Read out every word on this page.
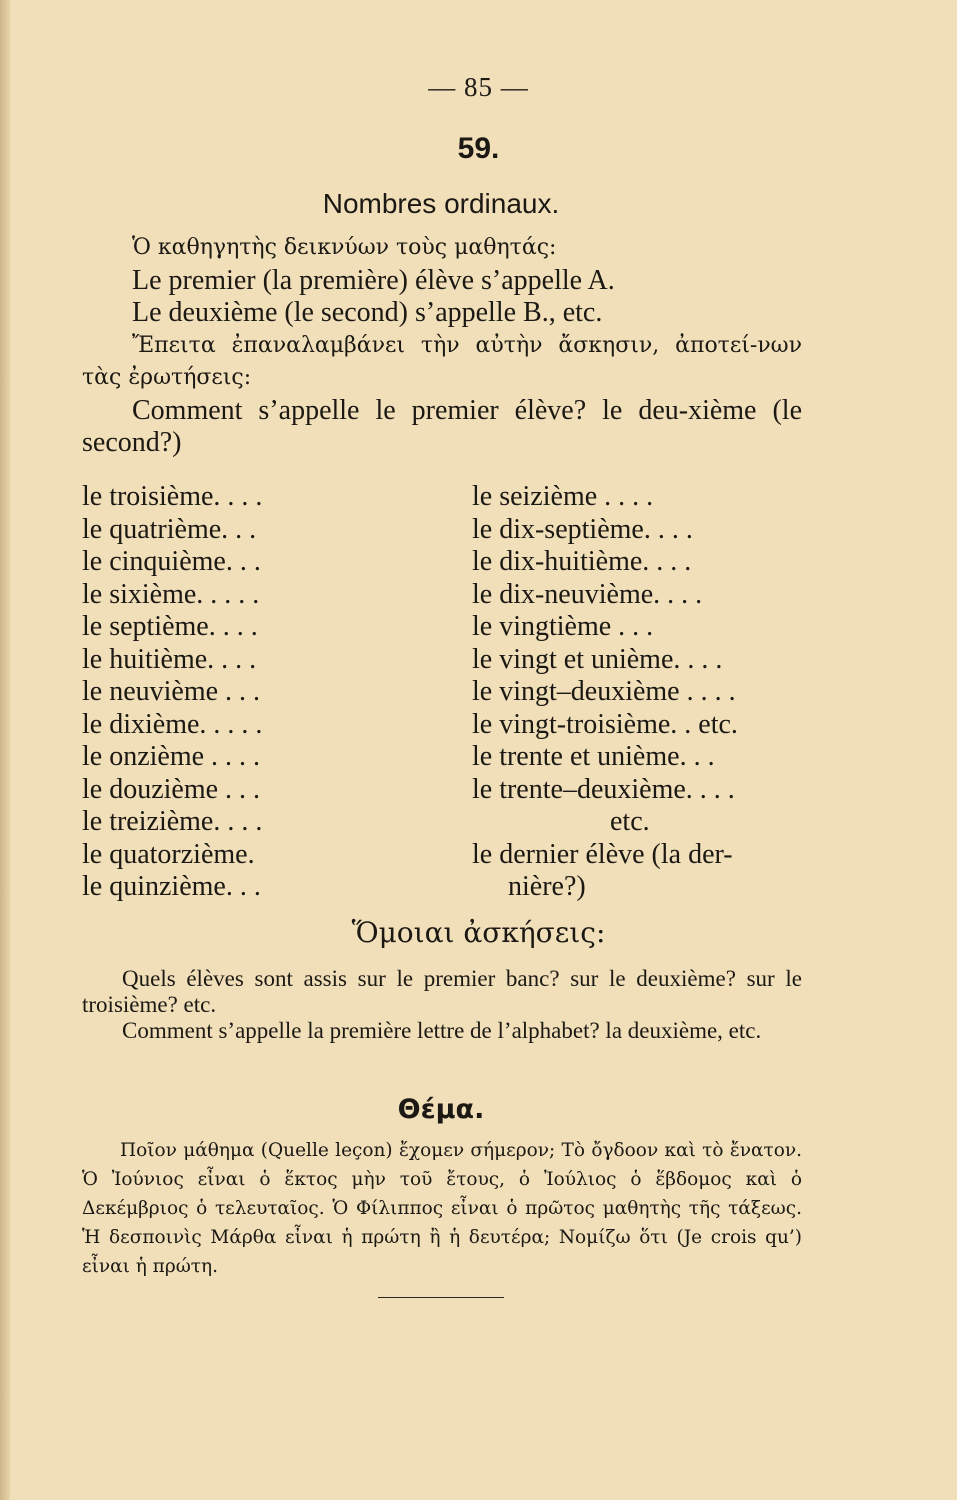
— 85 —
59.
Nombres ordinaux.

Ὁ καθηγητὴς δεικνύων τοὺς μαθητάς:

Le premier (la première) élève s’appelle A.

Le deuxième (le second) s’appelle B., etc.

Ἔπειτα ἐπαναλαμβάνει τὴν αὐτὴν ἄσκησιν, ἀποτεί-νων τὰς ἐρωτήσεις:

Comment s’appelle le premier élève? le deu-xième (le second?)

le troisième. . . .
le quatrième. . .
le cinquième. . .
le sixième. . . . .
le septième. . . .
le huitième. . . .
le neuvième . . .
le dixième. . . . .
le onzième . . . .
le douzième . . .
le treizième. . . .
le quatorzième.
le quinzième. . .
le seizième . . . .
le dix-septième. . . .
le dix-huitième. . . .
le dix-neuvième. . . .
le vingtième . . .
le vingt et unième. . . .
le vingt–deuxième . . . .
le vingt-troisième. . etc.
le trente et unième. . .
le trente–deuxième. . . .
etc.
le dernier élève (la der-
nière?)
Ὅμοιαι ἀσκήσεις:

Quels élèves sont assis sur le premier banc? sur le deuxième? sur le troisième? etc.

Comment s’appelle la première lettre de l’alphabet? la deuxième, etc.

Θέμα.
Ποῖον μάθημα (Quelle leçon) ἔχομεν σήμερον; Τὸ ὄγδοον καὶ τὸ ἔνατον. Ὁ Ἰούνιος εἶναι ὁ ἕκτος μὴν τοῦ ἔτους, ὁ Ἰούλιος ὁ ἕβδομος καὶ ὁ Δεκέμβριος ὁ τελευταῖος. Ὁ Φίλιππος εἶναι ὁ πρῶτος μαθητὴς τῆς τάξεως. Ἡ δεσποινὶς Μάρθα εἶναι ἡ πρώτη ἢ ἡ δευτέρα; Νομίζω ὅτι (Je crois qu’) εἶναι ἡ πρώτη.
